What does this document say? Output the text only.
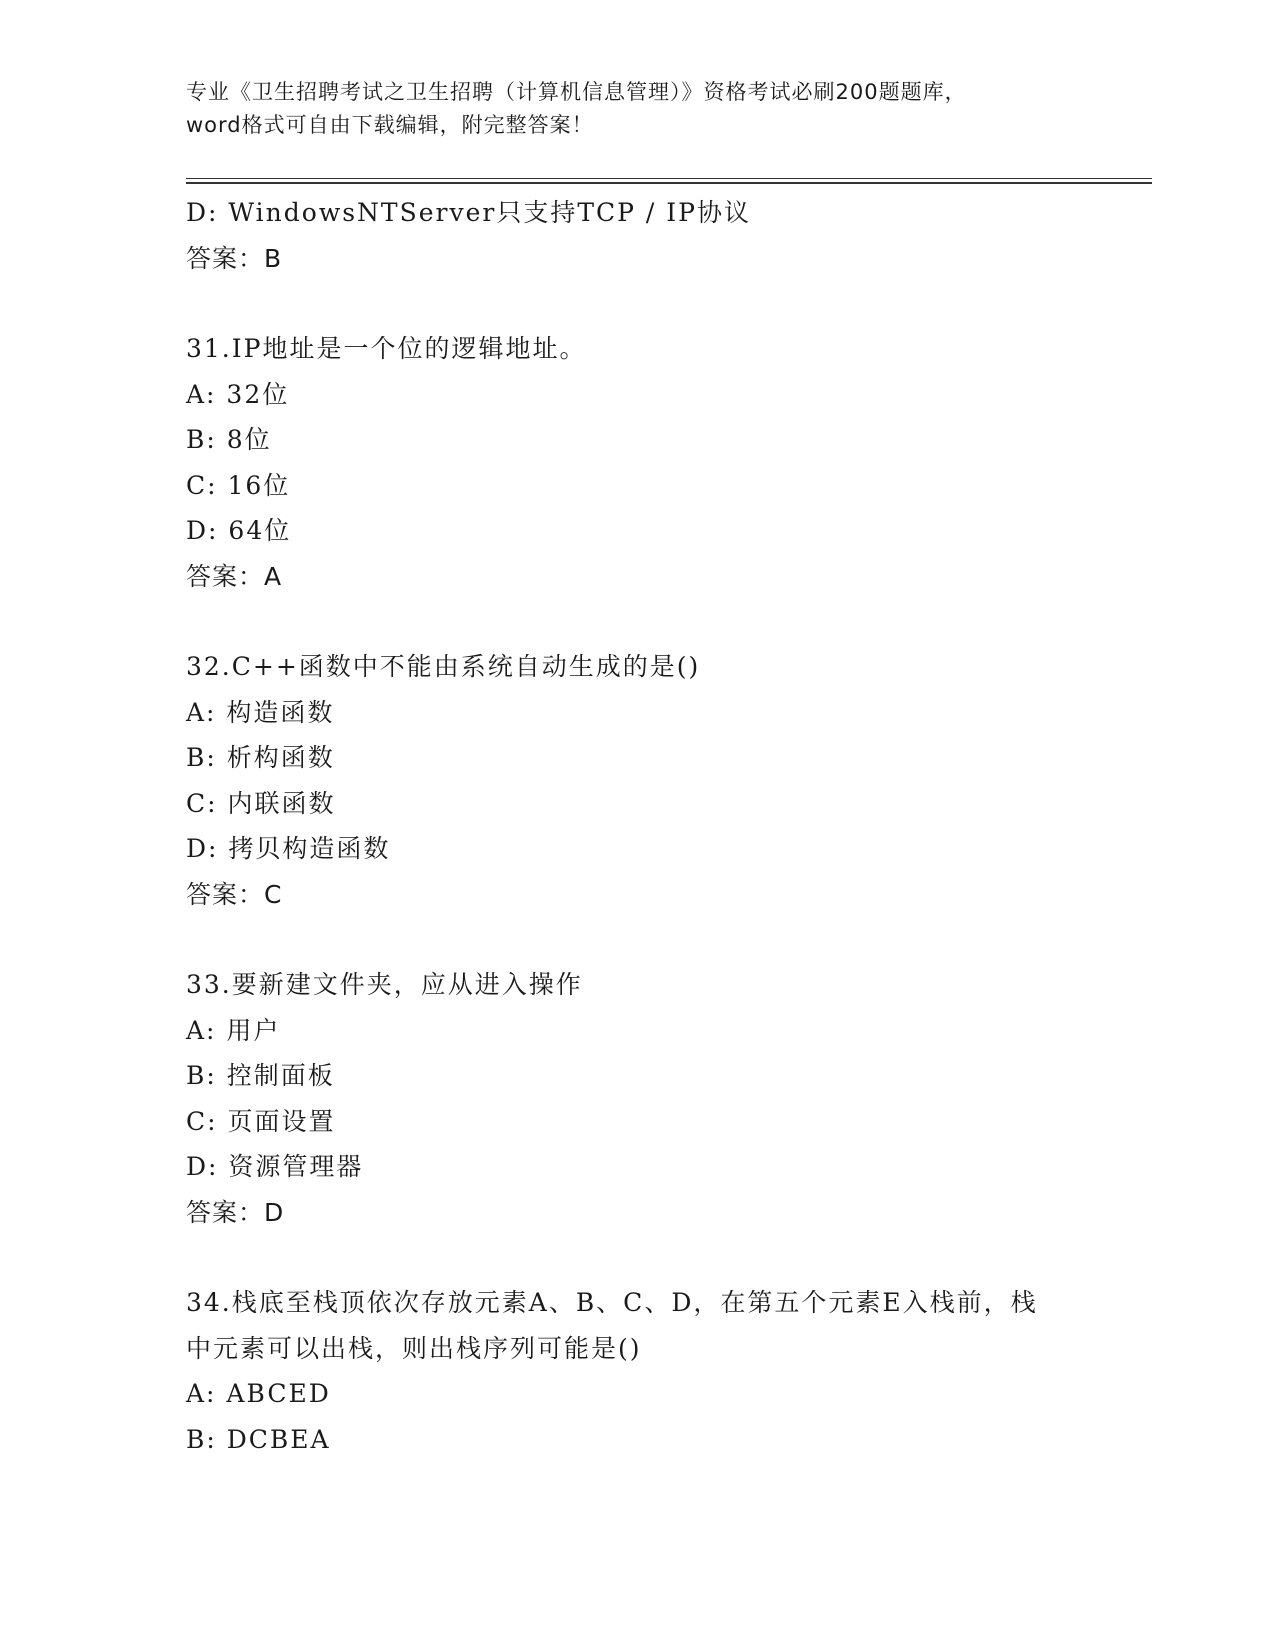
专业《卫生招聘考试之卫生招聘（计算机信息管理）》资格考试必刷200题题库，
word格式可自由下载编辑，附完整答案！
D: WindowsNTServer只支持TCP / IP协议
答案：B
31.IP地址是一个位的逻辑地址。
A: 32位
B: 8位
C: 16位
D: 64位
答案：A
32.C++函数中不能由系统自动生成的是()
A: 构造函数
B: 析构函数
C: 内联函数
D: 拷贝构造函数
答案：C
33.要新建文件夹，应从进入操作
A: 用户
B: 控制面板
C: 页面设置
D: 资源管理器
答案：D
34.栈底至栈顶依次存放元素A、B、C、D，在第五个元素E入栈前，栈
中元素可以出栈，则出栈序列可能是()
A: ABCED
B: DCBEA
